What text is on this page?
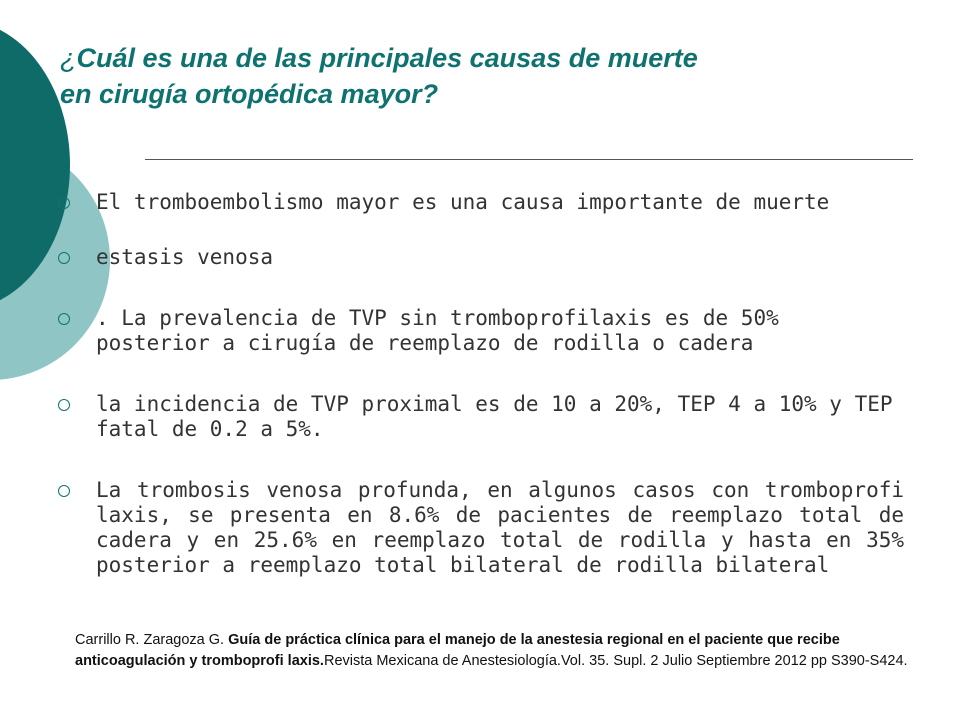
¿Cuál es una de las principales causas de muerte
en cirugía ortopédica mayor?
El tromboembolismo mayor es una causa importante de muerte
estasis venosa
. La prevalencia de TVP sin tromboprofilaxis es de 50% posterior a cirugía de reemplazo de rodilla o cadera
la incidencia de TVP proximal es de 10 a 20%, TEP 4 a 10% y TEP fatal de 0.2 a 5%.
La trombosis venosa profunda, en algunos casos con tromboprofi laxis, se presenta en 8.6% de pacientes de reemplazo total de cadera y en 25.6% en reemplazo total de rodilla y hasta en 35% posterior a reemplazo total bilateral de rodilla bilateral
Carrillo R. Zaragoza G. Guía de práctica clínica para el manejo de la anestesia regional en el paciente que recibe anticoagulación y tromboprofi laxis.Revista Mexicana de Anestesiología.Vol. 35. Supl. 2 Julio Septiembre 2012 pp S390-S424.
